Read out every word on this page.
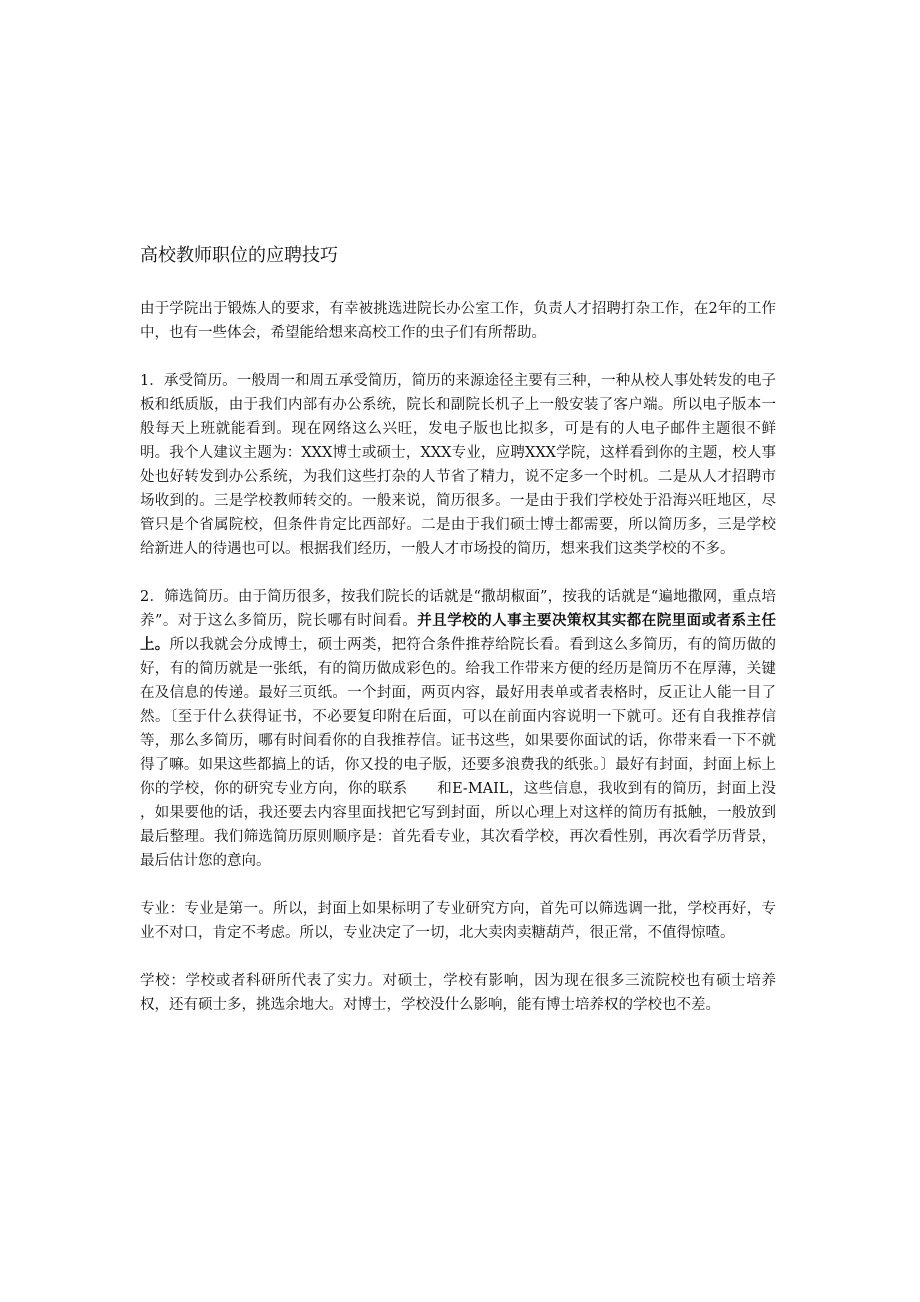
高校教师职位的应聘技巧

由于学院出于锻炼人的要求，有幸被挑选进院长办公室工作，负责人才招聘打杂工作，在2年的工作中，也有一些体会，希望能给想来高校工作的虫子们有所帮助。

1．承受简历。一般周一和周五承受简历，简历的来源途径主要有三种，一种从校人事处转发的电子板和纸质版，由于我们内部有办公系统，院长和副院长机子上一般安装了客户端。所以电子版本一般每天上班就能看到。现在网络这么兴旺，发电子版也比拟多，可是有的人电子邮件主题很不鲜明。我个人建议主题为：XXX博士或硕士，XXX专业，应聘XXX学院，这样看到你的主题，校人事处也好转发到办公系统，为我们这些打杂的人节省了精力，说不定多一个时机。二是从人才招聘市场收到的。三是学校教师转交的。一般来说，简历很多。一是由于我们学校处于沿海兴旺地区，尽管只是个省属院校，但条件肯定比西部好。二是由于我们硕士博士都需要，所以简历多，三是学校给新进人的待遇也可以。根据我们经历，一般人才市场投的简历，想来我们这类学校的不多。

2．筛选简历。由于简历很多，按我们院长的话就是“撒胡椒面”，按我的话就是“遍地撒网，重点培养”。对于这么多简历，院长哪有时间看。并且学校的人事主要决策权其实都在院里面或者系主任上。所以我就会分成博士，硕士两类，把符合条件推荐给院长看。看到这么多简历，有的简历做的好，有的简历就是一张纸，有的简历做成彩色的。给我工作带来方便的经历是简历不在厚薄，关键在及信息的传递。最好三页纸。一个封面，两页内容，最好用表单或者表格时，反正让人能一目了然。〔至于什么获得证书，不必要复印附在后面，可以在前面内容说明一下就可。还有自我推荐信等，那么多简历，哪有时间看你的自我推荐信。证书这些，如果要你面试的话，你带来看一下不就得了嘛。如果这些都搞上的话，你又投的电子版，还要多浪费我的纸张。〕最好有封面，封面上标上你的学校，你的研究专业方向，你的联系　　和E-MAIL，这些信息，我收到有的简历，封面上没　　，如果要他的话，我还要去内容里面找把它写到封面，所以心理上对这样的简历有抵触，一般放到最后整理。我们筛选简历原则顺序是：首先看专业，其次看学校，再次看性别，再次看学历背景，最后估计您的意向。

专业：专业是第一。所以，封面上如果标明了专业研究方向，首先可以筛选调一批，学校再好，专业不对口，肯定不考虑。所以，专业决定了一切，北大卖肉卖糖葫芦，很正常，不值得惊喳。

学校：学校或者科研所代表了实力。对硕士，学校有影响，因为现在很多三流院校也有硕士培养权，还有硕士多，挑选余地大。对博士，学校没什么影响，能有博士培养权的学校也不差。
